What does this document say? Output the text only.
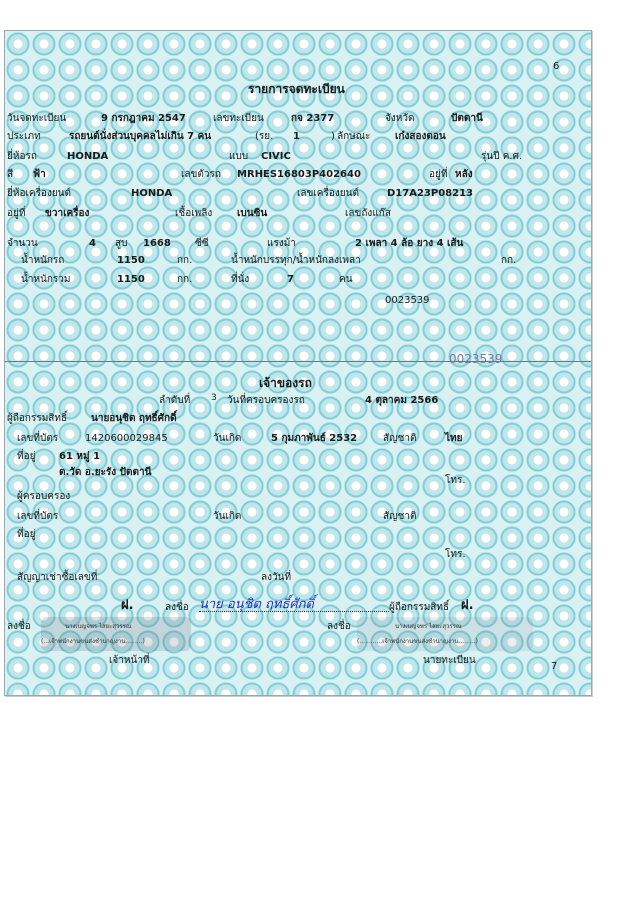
6
รายการจดทะเบียน
วันจดทะเบียน	9 กรกฎาคม 2547	เลขทะเบียน	กจ 2377	จังหวัด	ปัตตานี
ประเภท	รถยนต์นั่งส่วนบุคคลไม่เกิน 7 คน	(รย. 1	) ลักษณะ เก๋งสองตอน
ยี่ห้อรถ	HONDA	แบบ CIVIC	รุ่นปี ค.ศ.
สี ฟ้า	เลขตัวรถ MRHES16803P402640	อยู่ที่ หลัง
ยี่ห้อเครื่องยนต์	HONDA	เลขเครื่องยนต์	D17A23P08213
อยู่ที่ ขวาเครื่อง	เชื้อเพลิง เบนซิน	เลขถังแก๊ส
จำนวน	4 สูบ 1668 ซีซี	แรงม้า	2 เพลา 4 ล้อ ยาง 4 เส้น
น้ำหนักรถ	1150	กก.	น้ำหนักบรรทุก/น้ำหนักลงเพลา	กก.
น้ำหนักรวม	1150	กก.	ที่นั่ง	7	คน
0023539
0023539
เจ้าของรถ
ลำดับที่ 3 วันที่ครอบครองรถ	4 ตุลาคม 2566
ผู้ถือกรรมสิทธิ์ นายอนุชิต ฤทธิ์ศักดิ์
เลขที่บัตร	1420600029845	วันเกิด	5 กุมภาพันธ์ 2532	สัญชาติ	ไทย
ที่อยู่ 61 หมู่ 1
ต.วัด อ.ยะรัง ปัตตานี
โทร.
ผู้ครอบครอง
เลขที่บัตร	วันเกิด	สัญชาติ
ที่อยู่
โทร.
สัญญาเช่าซื้อเลขที่	ลงวันที่
ฝ.	ลงชื่อ นาย อนุชิต ฤทธิ์ศักดิ์	ผู้ถือกรรมสิทธิ์ ฝ.
ลงชื่อ	นางเบญจพร ไสยะสุวรรณ
(...เจ้าพนักงานขนส่งชำนาญงาน.........)
เจ้าหน้าที่
ลงชื่อ	นางเบญจพร ไสยะสุวรรณ
(............เจ้าพนักงานขนส่งชำนาญงาน.........)
นายทะเบียน
7
